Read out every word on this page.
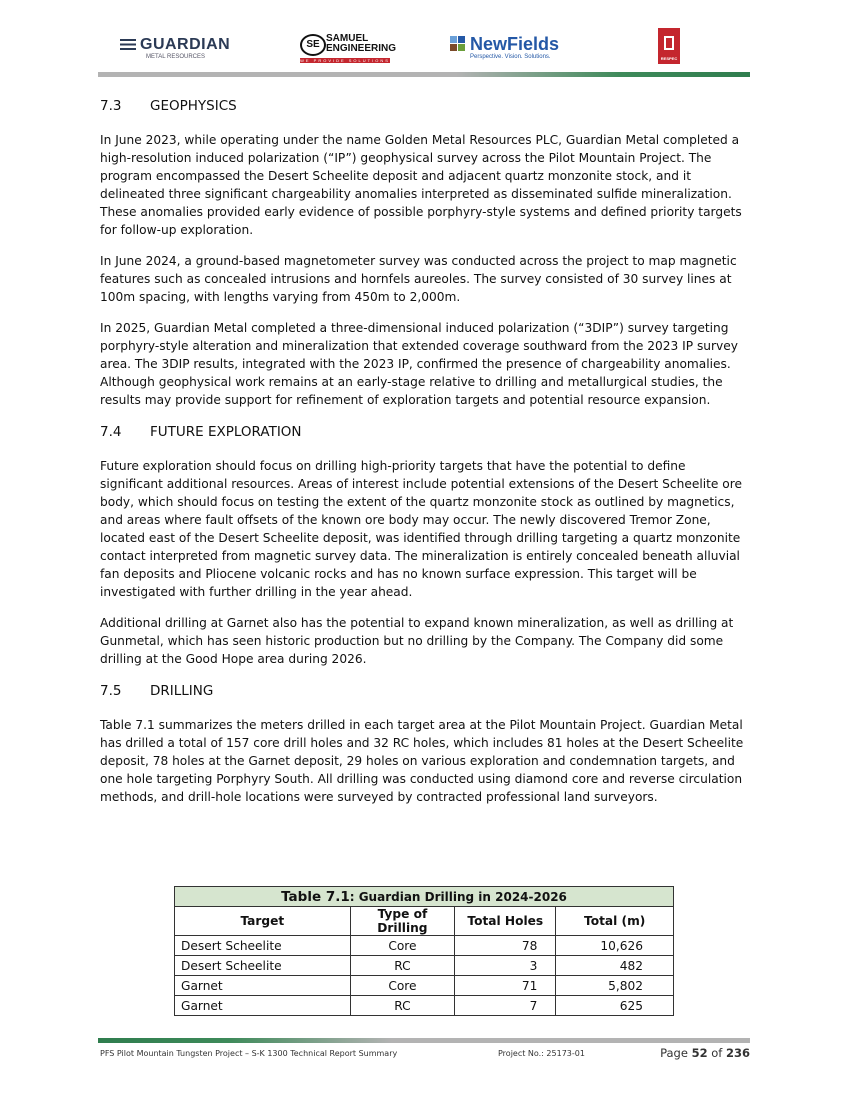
GUARDIAN
METAL RESOURCES
SE
SAMUEL
ENGINEERING
WE PROVIDE SOLUTIONS
NewFields
Perspective. Vision. Solutions.	RESPEC
7.3 GEOPHYSICS

In June 2023, while operating under the name Golden Metal Resources PLC, Guardian Metal completed a high-resolution induced polarization (“IP”) geophysical survey across the Pilot Mountain Project. The program encompassed the Desert Scheelite deposit and adjacent quartz monzonite stock, and it delineated three significant chargeability anomalies interpreted as disseminated sulfide mineralization. These anomalies provided early evidence of possible porphyry-style systems and defined priority targets for follow-up exploration.

In June 2024, a ground-based magnetometer survey was conducted across the project to map magnetic features such as concealed intrusions and hornfels aureoles. The survey consisted of 30 survey lines at 100m spacing, with lengths varying from 450m to 2,000m.

In 2025, Guardian Metal completed a three-dimensional induced polarization (“3DIP”) survey targeting porphyry-style alteration and mineralization that extended coverage southward from the 2023 IP survey area. The 3DIP results, integrated with the 2023 IP, confirmed the presence of chargeability anomalies. Although geophysical work remains at an early-stage relative to drilling and metallurgical studies, the results may provide support for refinement of exploration targets and potential resource expansion.

7.4 FUTURE EXPLORATION

Future exploration should focus on drilling high-priority targets that have the potential to define significant additional resources. Areas of interest include potential extensions of the Desert Scheelite ore body, which should focus on testing the extent of the quartz monzonite stock as outlined by magnetics, and areas where fault offsets of the known ore body may occur. The newly discovered Tremor Zone, located east of the Desert Scheelite deposit, was identified through drilling targeting a quartz monzonite contact interpreted from magnetic survey data. The mineralization is entirely concealed beneath alluvial fan deposits and Pliocene volcanic rocks and has no known surface expression. This target will be investigated with further drilling in the year ahead.

Additional drilling at Garnet also has the potential to expand known mineralization, as well as drilling at Gunmetal, which has seen historic production but no drilling by the Company. The Company did some drilling at the Good Hope area during 2026.

7.5 DRILLING

Table 7.1 summarizes the meters drilled in each target area at the Pilot Mountain Project. Guardian Metal has drilled a total of 157 core drill holes and 32 RC holes, which includes 81 holes at the Desert Scheelite deposit, 78 holes at the Garnet deposit, 29 holes on various exploration and condemnation targets, and one hole targeting Porphyry South. All drilling was conducted using diamond core and reverse circulation methods, and drill-hole locations were surveyed by contracted professional land surveyors.

Table 7.1: Guardian Drilling in 2024-2026			
Target	Type of Drilling	Total Holes	Total (m)
Desert Scheelite	Core	78	10,626
Desert Scheelite	RC	3	482
Garnet	Core	71	5,802
Garnet	RC	7	625
PFS Pilot Mountain Tungsten Project – S-K 1300 Technical Report Summary	Project No.: 25173-01	Page 52 of 236
